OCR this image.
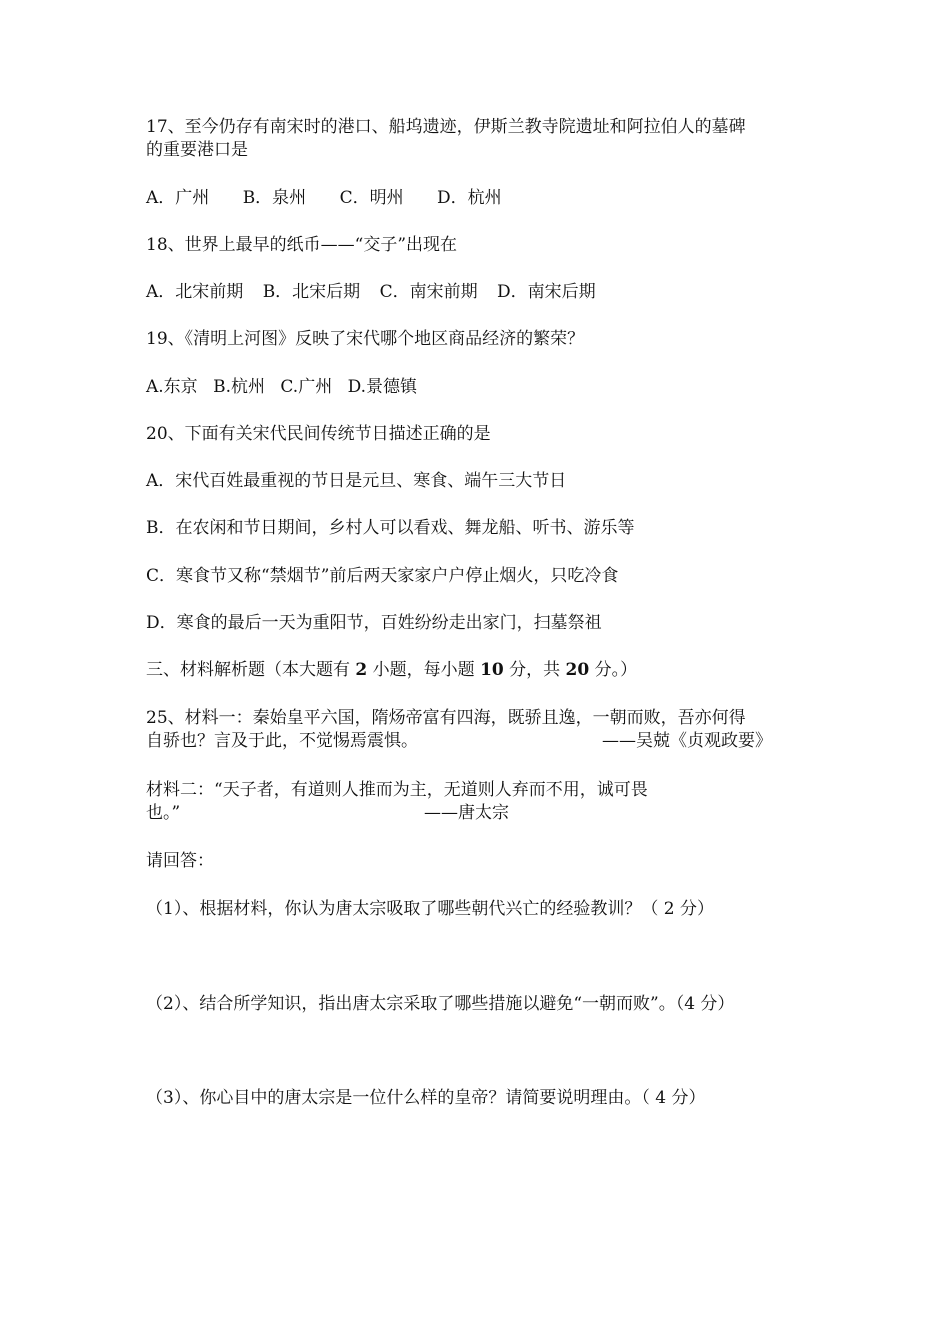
17、至今仍存有南宋时的港口、船坞遗迹，伊斯兰教寺院遗址和阿拉伯人的墓碑
的重要港口是
A．广州 B．泉州 C．明州 D．杭州
18、世界上最早的纸币——“交子”出现在
A．北宋前期 B．北宋后期 C．南宋前期 D．南宋后期
19、《清明上河图》反映了宋代哪个地区商品经济的繁荣？
A.东京 B.杭州 C.广州 D.景德镇
20、下面有关宋代民间传统节日描述正确的是
A．宋代百姓最重视的节日是元旦、寒食、端午三大节日
B．在农闲和节日期间，乡村人可以看戏、舞龙船、听书、游乐等
C．寒食节又称“禁烟节”前后两天家家户户停止烟火，只吃冷食
D．寒食的最后一天为重阳节，百姓纷纷走出家门，扫墓祭祖
三、材料解析题（本大题有 2 小题，每小题 10 分，共 20 分。）
25、材料一：秦始皇平六国，隋炀帝富有四海，既骄且逸，一朝而败，吾亦何得
自骄也？言及于此，不觉惕焉震惧。	——吴兢《贞观政要》
材料二：“天子者，有道则人推而为主，无道则人弃而不用，诚可畏
也。”	——唐太宗
请回答：
（1）、根据材料，你认为唐太宗吸取了哪些朝代兴亡的经验教训？（ 2 分）
（2）、结合所学知识，指出唐太宗采取了哪些措施以避免“一朝而败”。（4 分）
（3）、你心目中的唐太宗是一位什么样的皇帝？请简要说明理由。（ 4 分）
